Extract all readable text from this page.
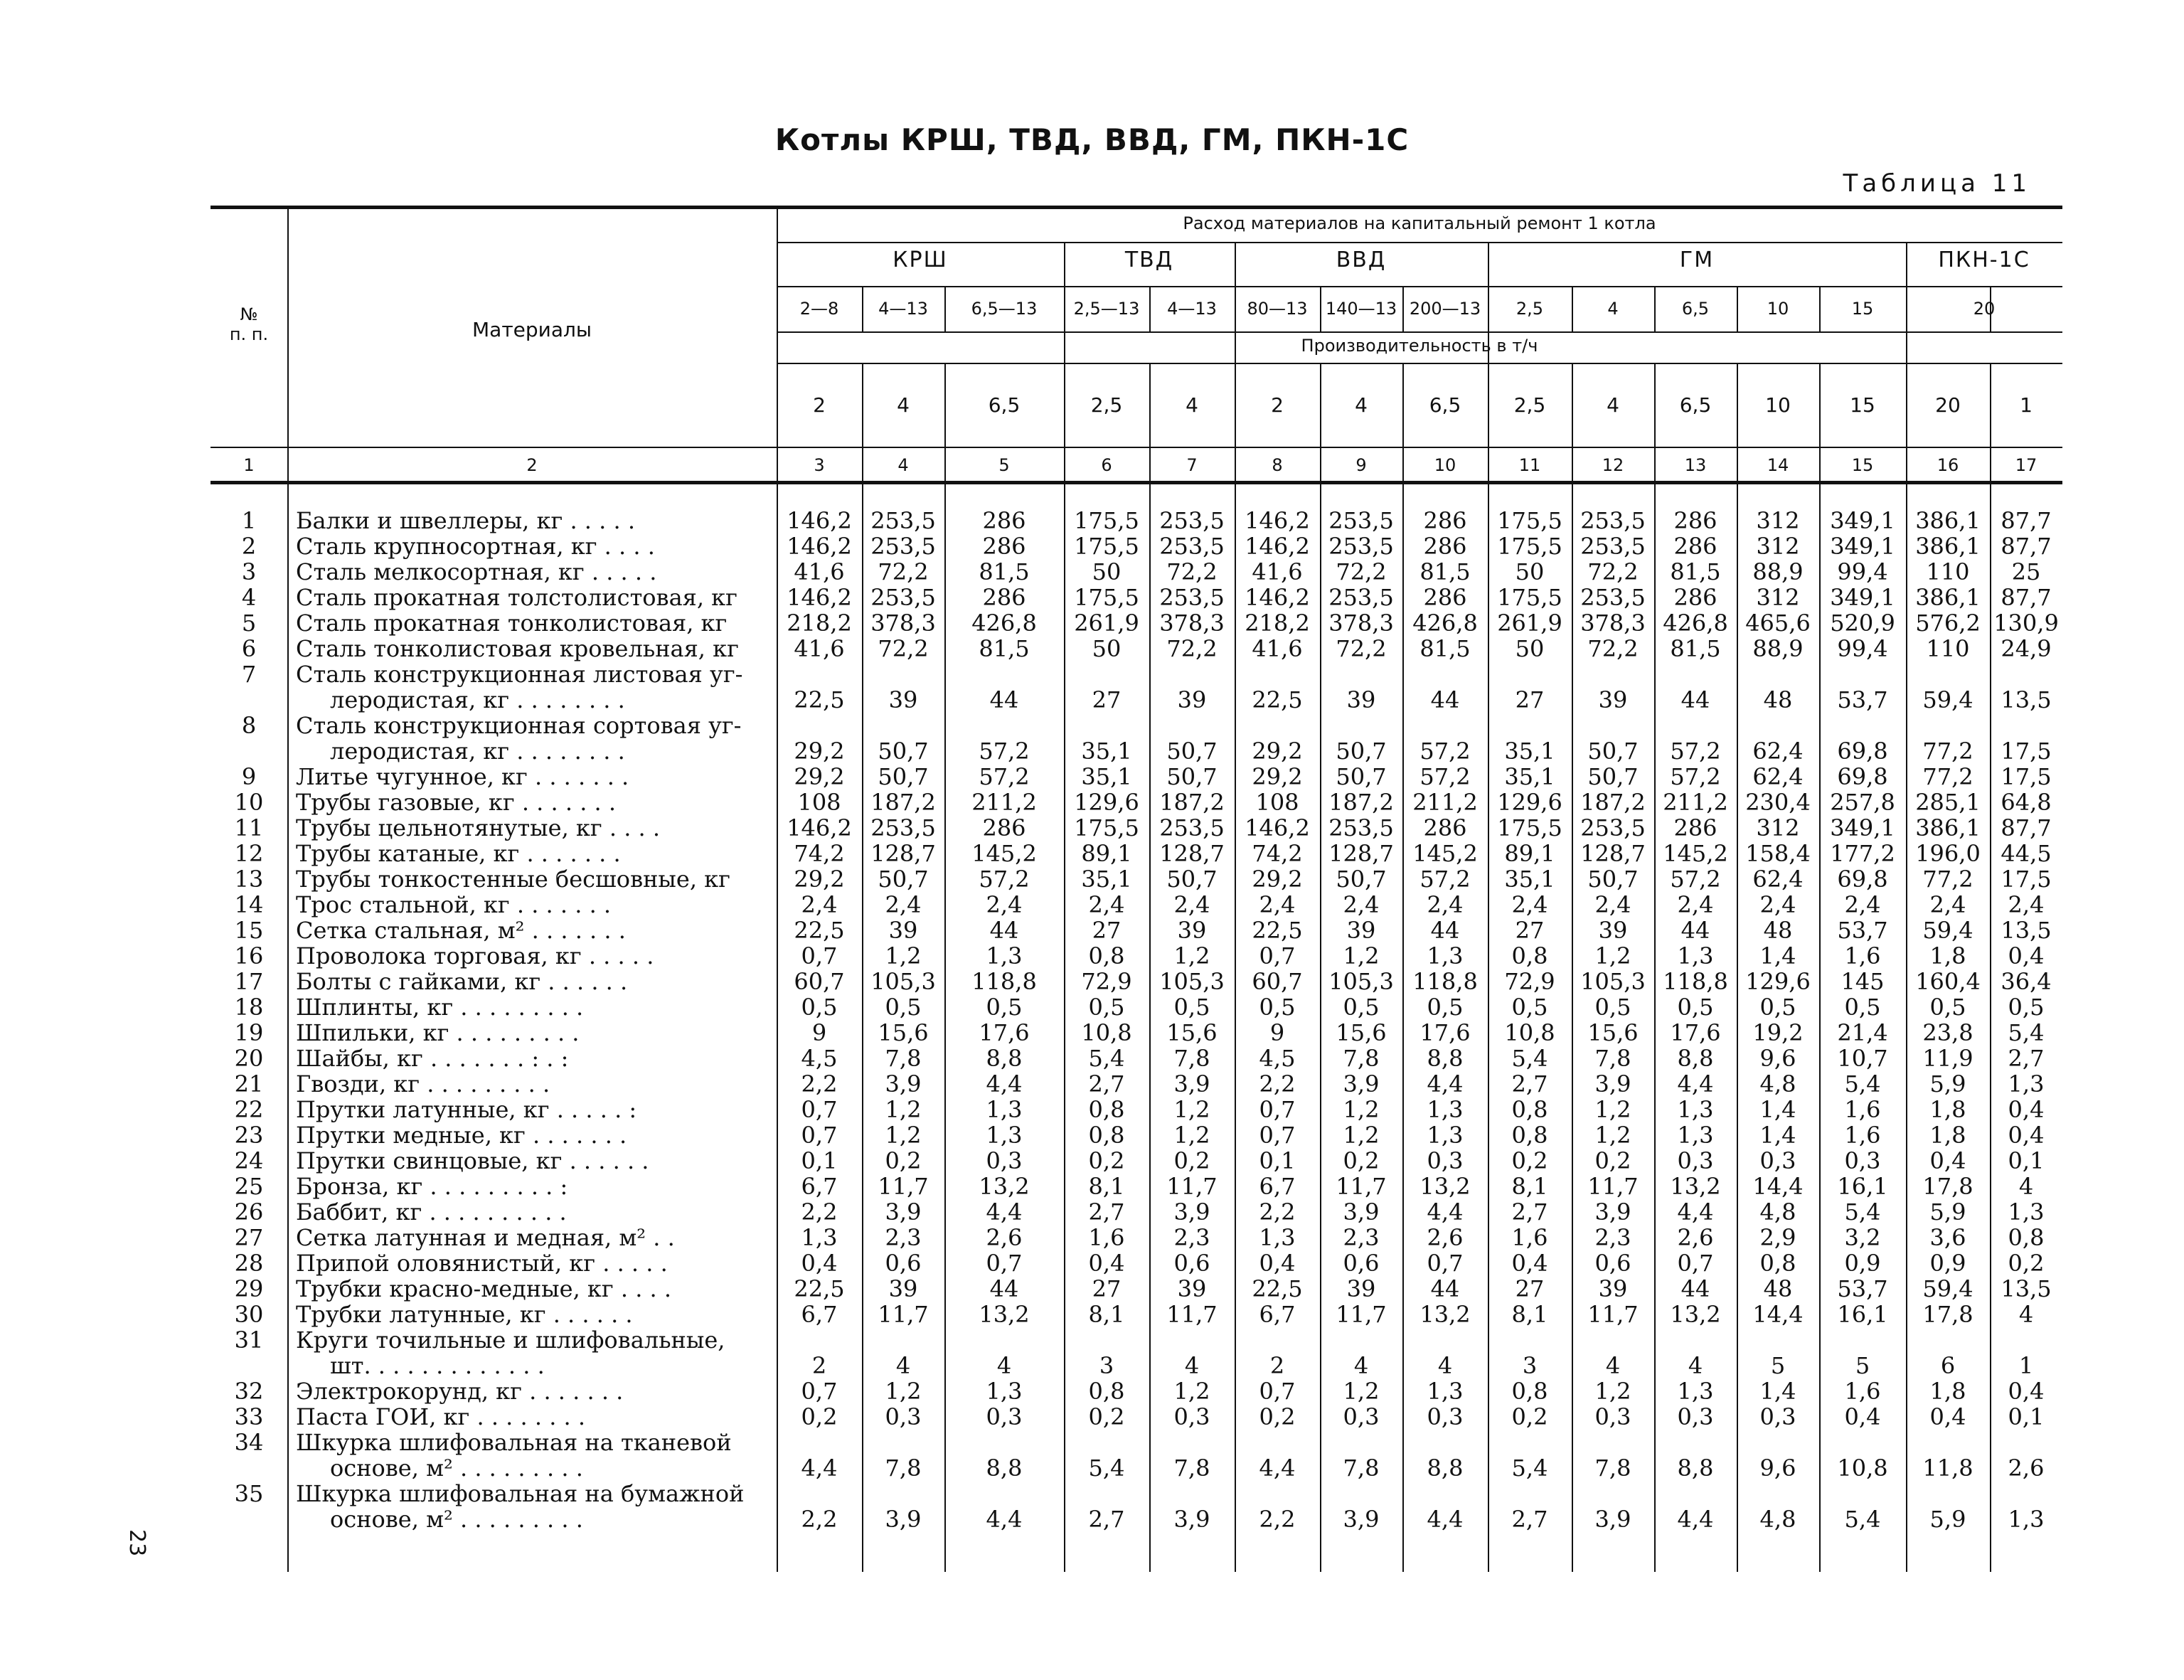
Котлы КРШ, ТВД, ВВД, ГМ, ПКН-1С
Таблица 11
23
№
п. п.	Материалы
Расход материалов на капитальный ремонт 1 котла
КРШ
2—8	4—13	6,5—13
ТВД
2,5—13	4—13
ВВД
80—13	140—13 200—13
ГМ
2,5	4	6,5	10	15
ПКН-1С
20
Производительность в т/ч
2	4	6,5	2,5	4	2	4	6,5	2,5	4	6,5	10	15	20	1
1	2	3	4	5	6	7	8	9	10	11	12	13	14	15	16	17
1	Балки и швеллеры, кг . . . . .	146,2 253,5	286	175,5 253,5 146,2 253,5	286	175,5 253,5	286	312	349,1 386,1 87,7
2	Сталь крупносортная, кг . . . .	146,2 253,5	286	175,5 253,5 146,2 253,5	286	175,5 253,5	286	312	349,1 386,1 87,7
3	Сталь мелкосортная, кг . . . . .	41,6	72,2	81,5	50	72,2	41,6	72,2	81,5	50	72,2	81,5	88,9	99,4	110	25
4	Сталь прокатная толстолистовая, кг	146,2 253,5	286	175,5 253,5 146,2 253,5	286	175,5 253,5	286	312	349,1 386,1 87,7
5	Сталь прокатная тонколистовая, кг	218,2 378,3	426,8	261,9 378,3 218,2 378,3 426,8 261,9 378,3 426,8 465,6 520,9 576,2 130,9
6	Сталь тонколистовая кровельная, кг	41,6	72,2	81,5	50	72,2	41,6	72,2	81,5	50	72,2	81,5	88,9	99,4	110	24,9
7	Сталь конструкционная листовая уг-
леродистая, кг . . . . . . . .	22,5	39	44	27	39	22,5	39	44	27	39	44	48	53,7	59,4	13,5
8	Сталь конструкционная сортовая уг-
леродистая, кг . . . . . . . .	29,2	50,7	57,2	35,1	50,7	29,2	50,7	57,2	35,1	50,7	57,2	62,4	69,8	77,2	17,5
9	Литье чугунное, кг . . . . . . .	29,2	50,7	57,2	35,1	50,7	29,2	50,7	57,2	35,1	50,7	57,2	62,4	69,8	77,2	17,5
10	Трубы газовые, кг . . . . . . .	108	187,2	211,2	129,6 187,2	108	187,2 211,2 129,6 187,2 211,2 230,4 257,8 285,1 64,8
11	Трубы цельнотянутые, кг . . . .	146,2 253,5	286	175,5 253,5 146,2 253,5	286	175,5 253,5	286	312	349,1 386,1 87,7
12	Трубы катаные, кг . . . . . . .	74,2	128,7	145,2	89,1	128,7	74,2	128,7 145,2	89,1	128,7 145,2 158,4 177,2 196,0 44,5
13	Трубы тонкостенные бесшовные, кг	29,2	50,7	57,2	35,1	50,7	29,2	50,7	57,2	35,1	50,7	57,2	62,4	69,8	77,2	17,5
14	Трос стальной, кг . . . . . . .	2,4	2,4	2,4	2,4	2,4	2,4	2,4	2,4	2,4	2,4	2,4	2,4	2,4	2,4	2,4
15	Сетка стальная, м² . . . . . . .	22,5	39	44	27	39	22,5	39	44	27	39	44	48	53,7	59,4	13,5
16	Проволока торговая, кг . . . . .	0,7	1,2	1,3	0,8	1,2	0,7	1,2	1,3	0,8	1,2	1,3	1,4	1,6	1,8	0,4
17	Болты с гайками, кг . . . . . .	60,7	105,3	118,8	72,9	105,3	60,7	105,3 118,8	72,9	105,3 118,8 129,6	145	160,4 36,4
18	Шплинты, кг . . . . . . . . .	0,5	0,5	0,5	0,5	0,5	0,5	0,5	0,5	0,5	0,5	0,5	0,5	0,5	0,5	0,5
19	Шпильки, кг . . . . . . . . .	9	15,6	17,6	10,8	15,6	9	15,6	17,6	10,8	15,6	17,6	19,2	21,4	23,8	5,4
20	Шайбы, кг . . . . . . . : . :	4,5	7,8	8,8	5,4	7,8	4,5	7,8	8,8	5,4	7,8	8,8	9,6	10,7	11,9	2,7
21	Гвозди, кг . . . . . . . . .	2,2	3,9	4,4	2,7	3,9	2,2	3,9	4,4	2,7	3,9	4,4	4,8	5,4	5,9	1,3
22	Прутки латунные, кг . . . . . :	0,7	1,2	1,3	0,8	1,2	0,7	1,2	1,3	0,8	1,2	1,3	1,4	1,6	1,8	0,4
23	Прутки медные, кг . . . . . . .	0,7	1,2	1,3	0,8	1,2	0,7	1,2	1,3	0,8	1,2	1,3	1,4	1,6	1,8	0,4
24	Прутки свинцовые, кг . . . . . .	0,1	0,2	0,3	0,2	0,2	0,1	0,2	0,3	0,2	0,2	0,3	0,3	0,3	0,4	0,1
25	Бронза, кг . . . . . . . . . :	6,7	11,7	13,2	8,1	11,7	6,7	11,7	13,2	8,1	11,7	13,2	14,4	16,1	17,8	4
26	Баббит, кг . . . . . . . . . .	2,2	3,9	4,4	2,7	3,9	2,2	3,9	4,4	2,7	3,9	4,4	4,8	5,4	5,9	1,3
27	Сетка латунная и медная, м² . .	1,3	2,3	2,6	1,6	2,3	1,3	2,3	2,6	1,6	2,3	2,6	2,9	3,2	3,6	0,8
28	Припой оловянистый, кг . . . . .	0,4	0,6	0,7	0,4	0,6	0,4	0,6	0,7	0,4	0,6	0,7	0,8	0,9	0,9	0,2
29	Трубки красно-медные, кг . . . .	22,5	39	44	27	39	22,5	39	44	27	39	44	48	53,7	59,4	13,5
30	Трубки латунные, кг . . . . . .	6,7	11,7	13,2	8,1	11,7	6,7	11,7	13,2	8,1	11,7	13,2	14,4	16,1	17,8	4
31	Круги точильные и шлифовальные,
шт. . . . . . . . . . . . .	2	4	4	3	4	2	4	4	3	4	4	5	5	6	1
32	Электрокорунд, кг . . . . . . .	0,7	1,2	1,3	0,8	1,2	0,7	1,2	1,3	0,8	1,2	1,3	1,4	1,6	1,8	0,4
33	Паста ГОИ, кг . . . . . . . .	0,2	0,3	0,3	0,2	0,3	0,2	0,3	0,3	0,2	0,3	0,3	0,3	0,4	0,4	0,1
34	Шкурка шлифовальная на тканевой
основе, м² . . . . . . . . .	4,4	7,8	8,8	5,4	7,8	4,4	7,8	8,8	5,4	7,8	8,8	9,6	10,8	11,8	2,6
35	Шкурка шлифовальная на бумажной
основе, м² . . . . . . . . .	2,2	3,9	4,4	2,7	3,9	2,2	3,9	4,4	2,7	3,9	4,4	4,8	5,4	5,9	1,3
